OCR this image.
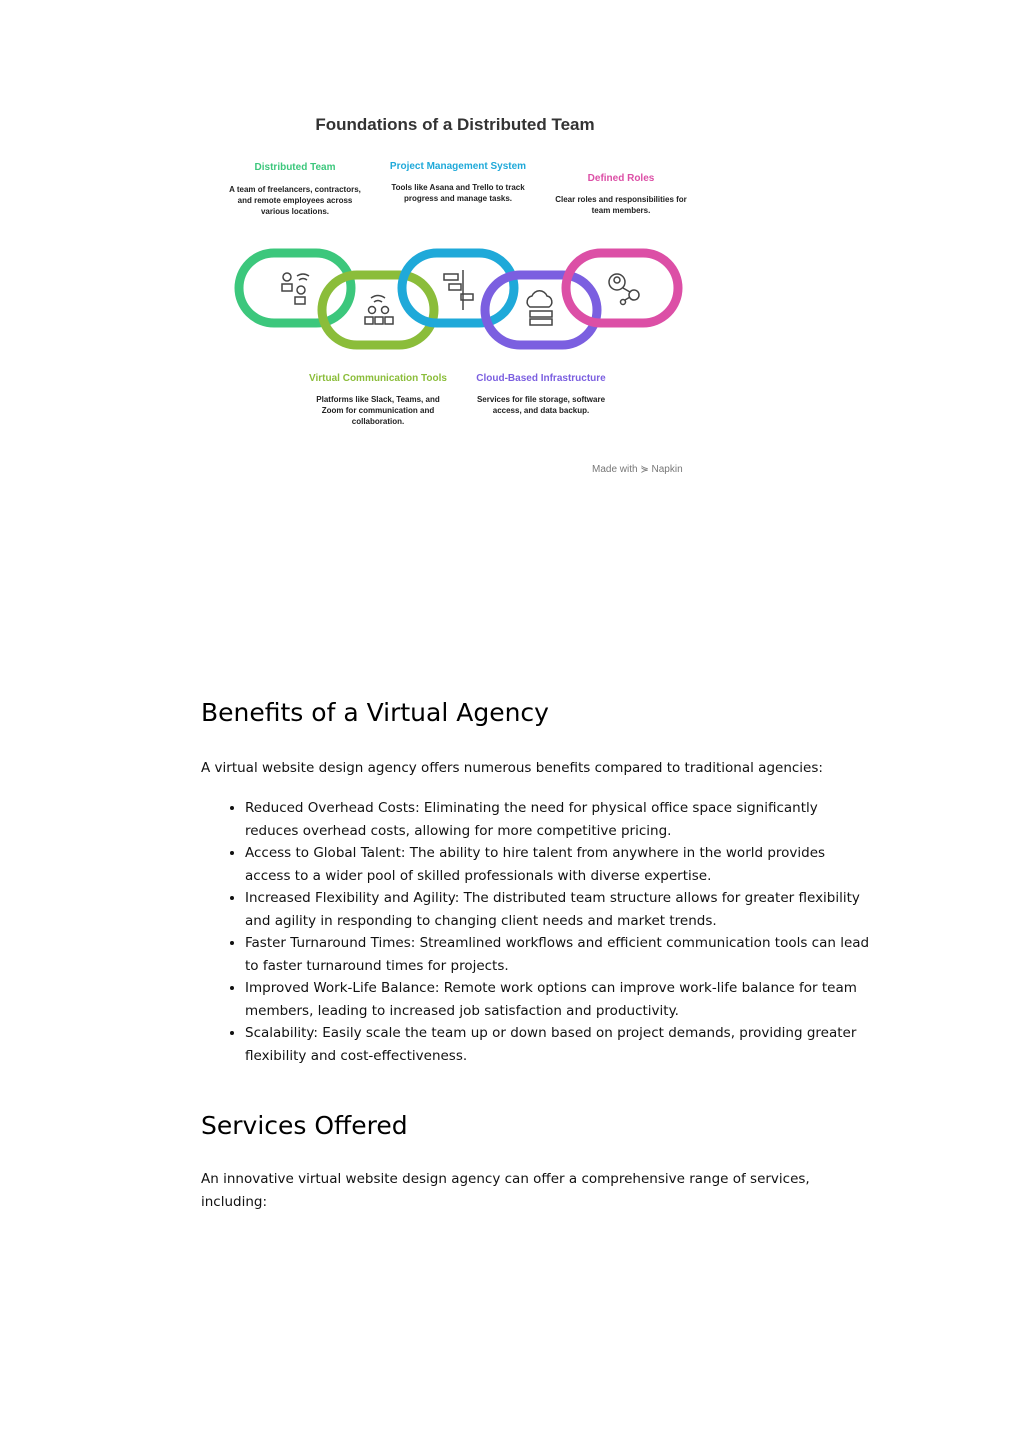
Foundations of a Distributed Team
Distributed Team
A team of freelancers, contractors, and remote employees across various locations.
Project Management System
Tools like Asana and Trello to track progress and manage tasks.
Defined Roles
Clear roles and responsibilities for team members.
Virtual Communication Tools
Platforms like Slack, Teams, and Zoom for communication and collaboration.
Cloud-Based Infrastructure
Services for file storage, software access, and data backup.
Made with ⋟ Napkin
Benefits of a Virtual Agency

A virtual website design agency offers numerous benefits compared to traditional agencies:

• Reduced Overhead Costs: Eliminating the need for physical office space significantly reduces overhead costs, allowing for more competitive pricing.
• Access to Global Talent: The ability to hire talent from anywhere in the world provides access to a wider pool of skilled professionals with diverse expertise.
• Increased Flexibility and Agility: The distributed team structure allows for greater flexibility and agility in responding to changing client needs and market trends.
• Faster Turnaround Times: Streamlined workflows and efficient communication tools can lead to faster turnaround times for projects.
• Improved Work-Life Balance: Remote work options can improve work-life balance for team members, leading to increased job satisfaction and productivity.
• Scalability: Easily scale the team up or down based on project demands, providing greater flexibility and cost-effectiveness.
Services Offered

An innovative virtual website design agency can offer a comprehensive range of services, including:
